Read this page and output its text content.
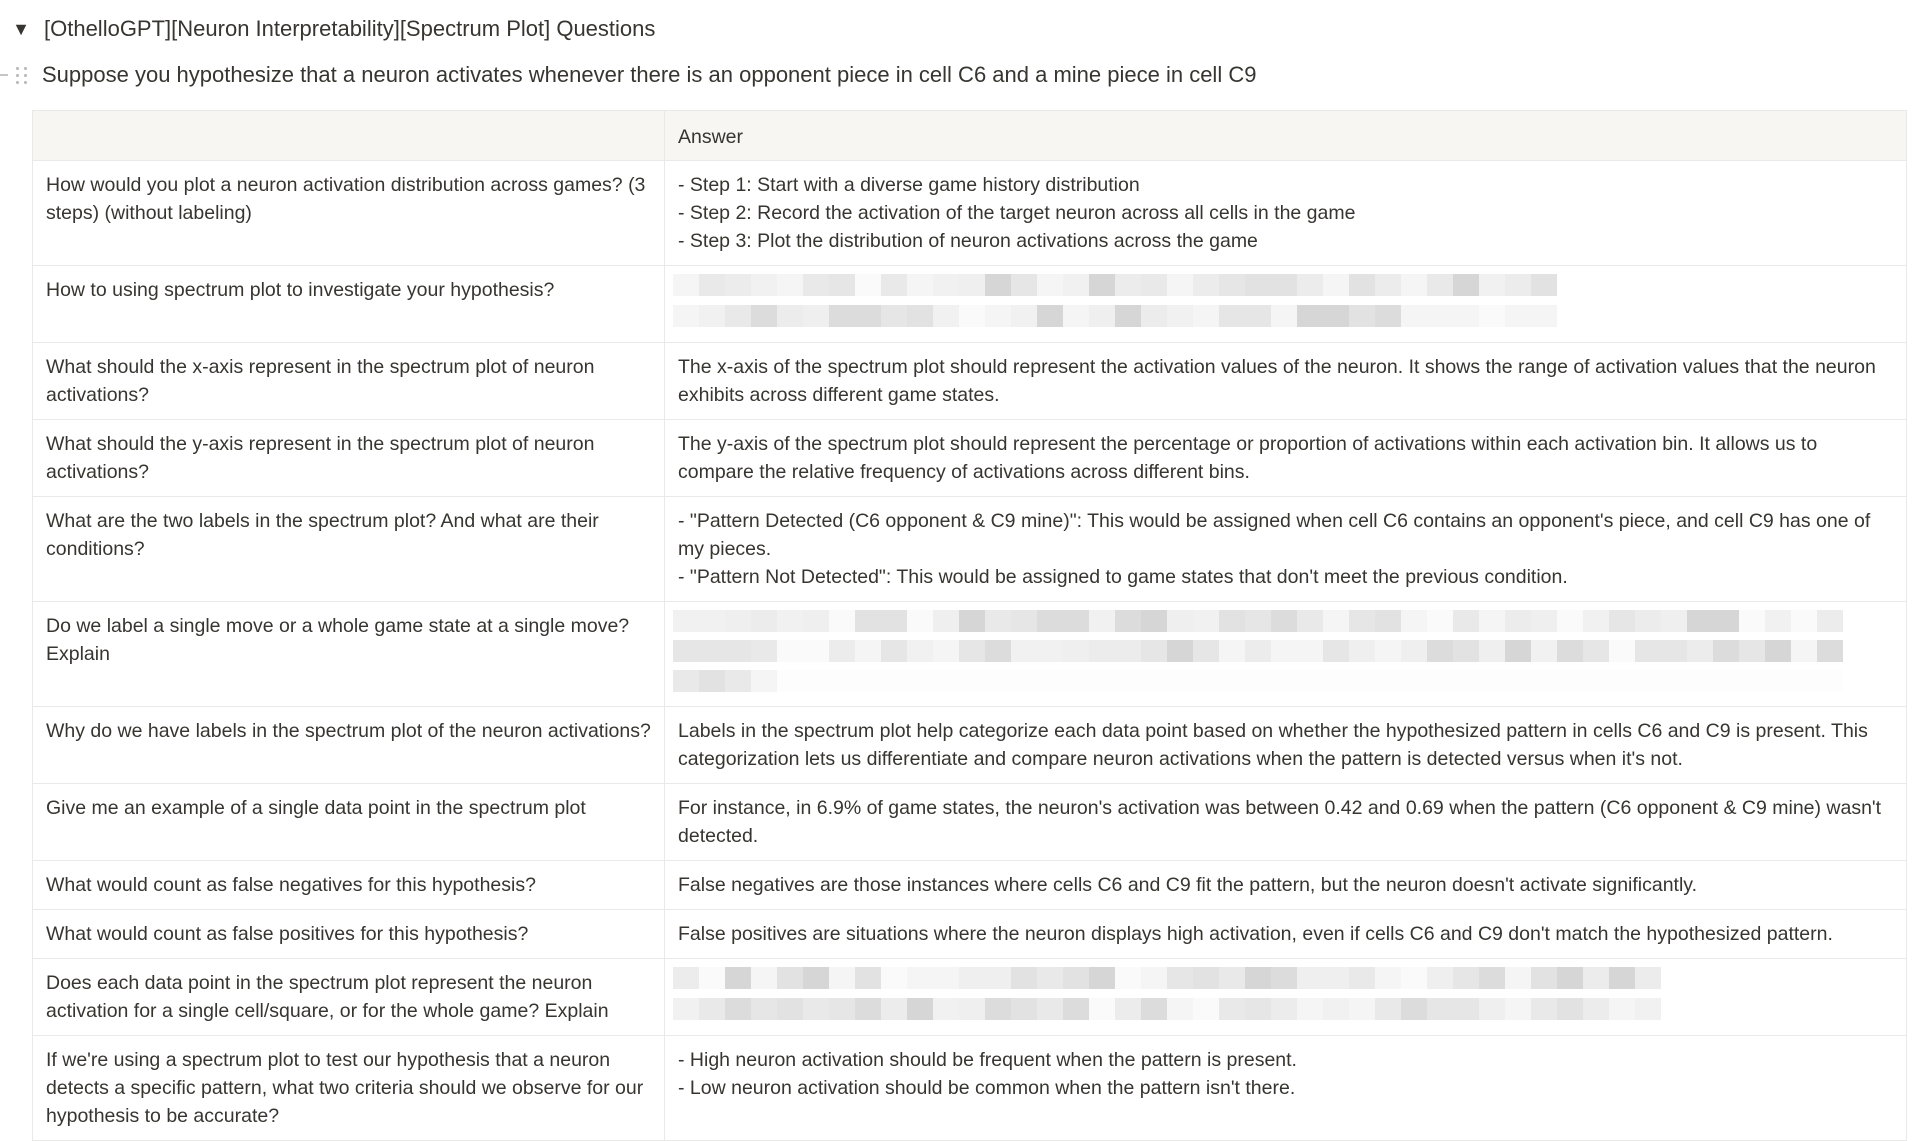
▼ [OthelloGPT][Neuron Interpretability][Spectrum Plot] Questions
Suppose you hypothesize that a neuron activates whenever there is an opponent piece in cell C6 and a mine piece in cell C9
	Answer
How would you plot a neuron activation distribution across games? (3 steps) (without labeling)	- Step 1: Start with a diverse game history distribution
- Step 2: Record the activation of the target neuron across all cells in the game
- Step 3: Plot the distribution of neuron activations across the game
How to using spectrum plot to investigate your hypothesis?	

What should the x-axis represent in the spectrum plot of neuron activations?	The x-axis of the spectrum plot should represent the activation values of the neuron. It shows the range of activation values that the neuron exhibits across different game states.
What should the y-axis represent in the spectrum plot of neuron activations?	The y-axis of the spectrum plot should represent the percentage or proportion of activations within each activation bin. It allows us to compare the relative frequency of activations across different bins.
What are the two labels in the spectrum plot? And what are their conditions?	- "Pattern Detected (C6 opponent & C9 mine)": This would be assigned when cell C6 contains an opponent's piece, and cell C9 has one of my pieces.
- "Pattern Not Detected": This would be assigned to game states that don't meet the previous condition.
Do we label a single move or a whole game state at a single move? Explain	

Why do we have labels in the spectrum plot of the neuron activations?	Labels in the spectrum plot help categorize each data point based on whether the hypothesized pattern in cells C6 and C9 is present. This categorization lets us differentiate and compare neuron activations when the pattern is detected versus when it's not.
Give me an example of a single data point in the spectrum plot	For instance, in 6.9% of game states, the neuron's activation was between 0.42 and 0.69 when the pattern (C6 opponent & C9 mine) wasn't detected.
What would count as false negatives for this hypothesis?	False negatives are those instances where cells C6 and C9 fit the pattern, but the neuron doesn't activate significantly.
What would count as false positives for this hypothesis?	False positives are situations where the neuron displays high activation, even if cells C6 and C9 don't match the hypothesized pattern.
Does each data point in the spectrum plot represent the neuron activation for a single cell/square, or for the whole game? Explain	

If we're using a spectrum plot to test our hypothesis that a neuron detects a specific pattern, what two criteria should we observe for our hypothesis to be accurate?	- High neuron activation should be frequent when the pattern is present.
- Low neuron activation should be common when the pattern isn't there.
